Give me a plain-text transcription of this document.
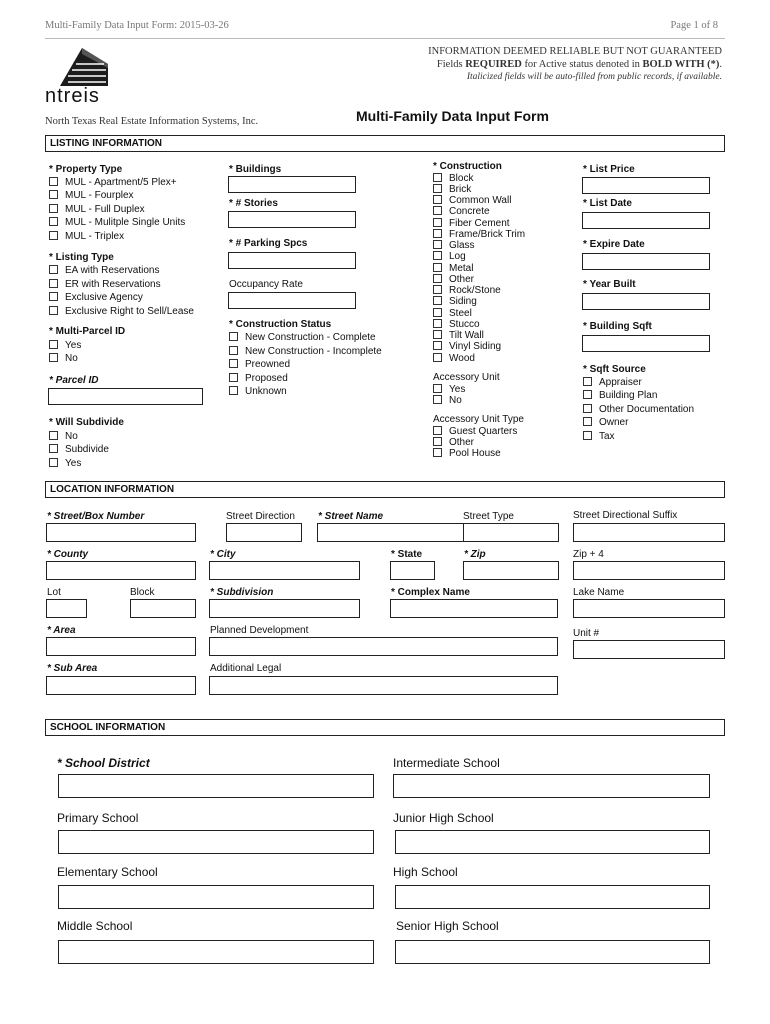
Multi-Family Data Input Form: 2015-03-26	Page 1 of 8
INFORMATION DEEMED RELIABLE BUT NOT GUARANTEED
Fields REQUIRED for Active status denoted in BOLD WITH (*).
Italicized fields will be auto-filled from public records, if available.
ntreis
North Texas Real Estate Information Systems, Inc.	Multi-Family Data Input Form
LISTING INFORMATION
* Property Type
MUL - Apartment/5 Plex+
MUL - Fourplex
MUL - Full Duplex
MUL - Mulitple Single Units
MUL - Triplex
* Listing Type
EA with Reservations
ER with Reservations
Exclusive Agency
Exclusive Right to Sell/Lease
* Multi-Parcel ID
Yes
No
* Parcel ID
* Will Subdivide
No
Subdivide
Yes
* Buildings
* # Stories
* # Parking Spcs
Occupancy Rate
* Construction Status
New Construction - Complete
New Construction - Incomplete
Preowned
Proposed
Unknown
* Construction
Block
Brick
Common Wall
Concrete
Fiber Cement
Frame/Brick Trim
Glass
Log
Metal
Other
Rock/Stone
Siding
Steel
Stucco
Tilt Wall
Vinyl Siding
Wood
Accessory Unit
Yes
No
Accessory Unit Type
Guest Quarters
Other
Pool House
* List Price
* List Date
* Expire Date
* Year Built
* Building Sqft
* Sqft Source
Appraiser
Building Plan
Other Documentation
Owner
Tax
LOCATION INFORMATION
* Street/Box Number	Street Direction * Street Name	Street Type	Street Directional Suffix
* County	* City	* State	* Zip	Zip + 4
Lot	Block	* Subdivision	* Complex Name	Lake Name
* Area	Planned Development	Unit #
* Sub Area	Additional Legal
SCHOOL INFORMATION
* School District	Intermediate School
Primary School	Junior High School
Elementary School	High School
Middle School	Senior High School
